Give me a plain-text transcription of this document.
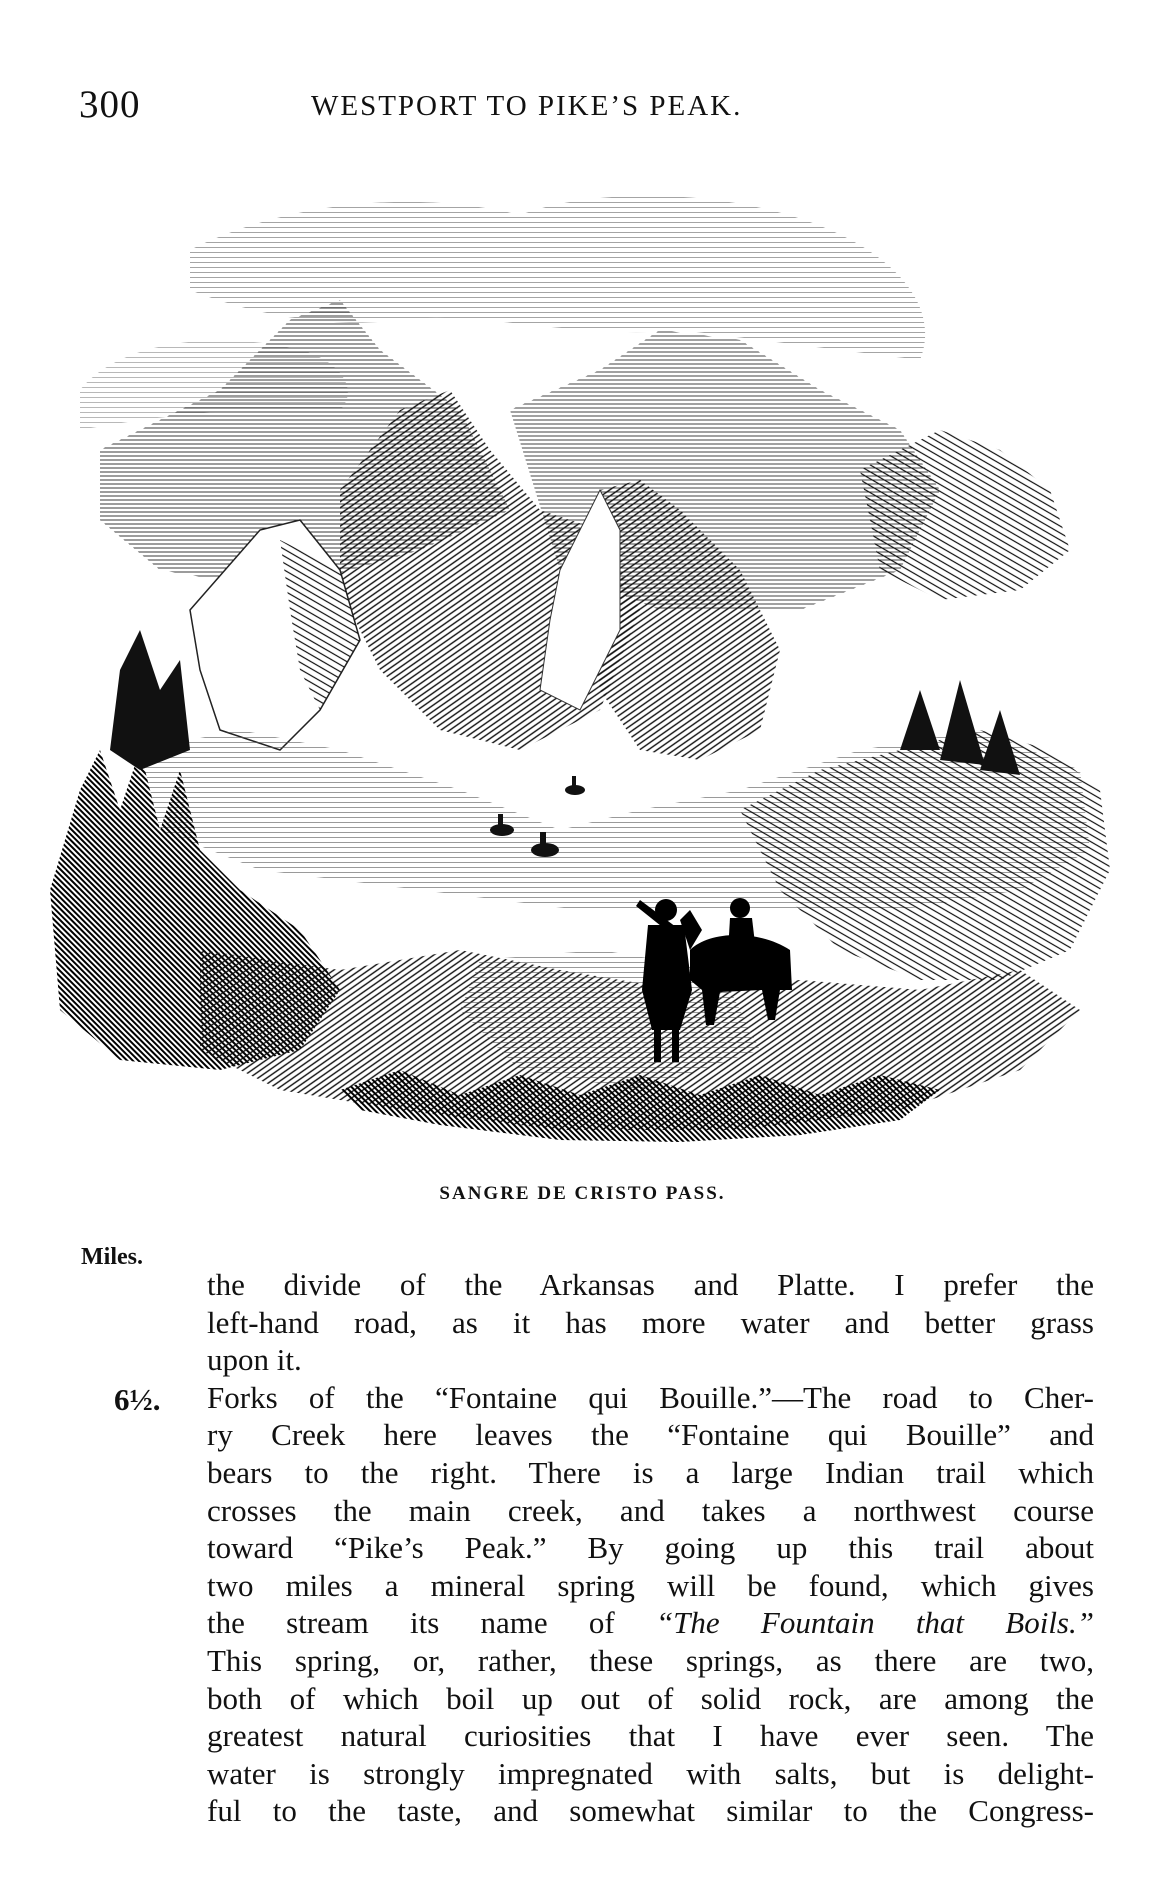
300	WESTPORT TO PIKE’S PEAK.
SANGRE DE CRISTO PASS.
Miles.
6½.
the divide of the Arkansas and Platte. I prefer the
left-hand road, as it has more water and better grass
upon it.
Forks of the “Fontaine qui Bouille.”—The road to Cher-
ry Creek here leaves the “Fontaine qui Bouille” and
bears to the right. There is a large Indian trail which
crosses the main creek, and takes a northwest course
toward “Pike’s Peak.” By going up this trail about
two miles a mineral spring will be found, which gives
the stream its name of “The Fountain that Boils.”
This spring, or, rather, these springs, as there are two,
both of which boil up out of solid rock, are among the
greatest natural curiosities that I have ever seen. The
water is strongly impregnated with salts, but is delight-
ful to the taste, and somewhat similar to the Congress-
